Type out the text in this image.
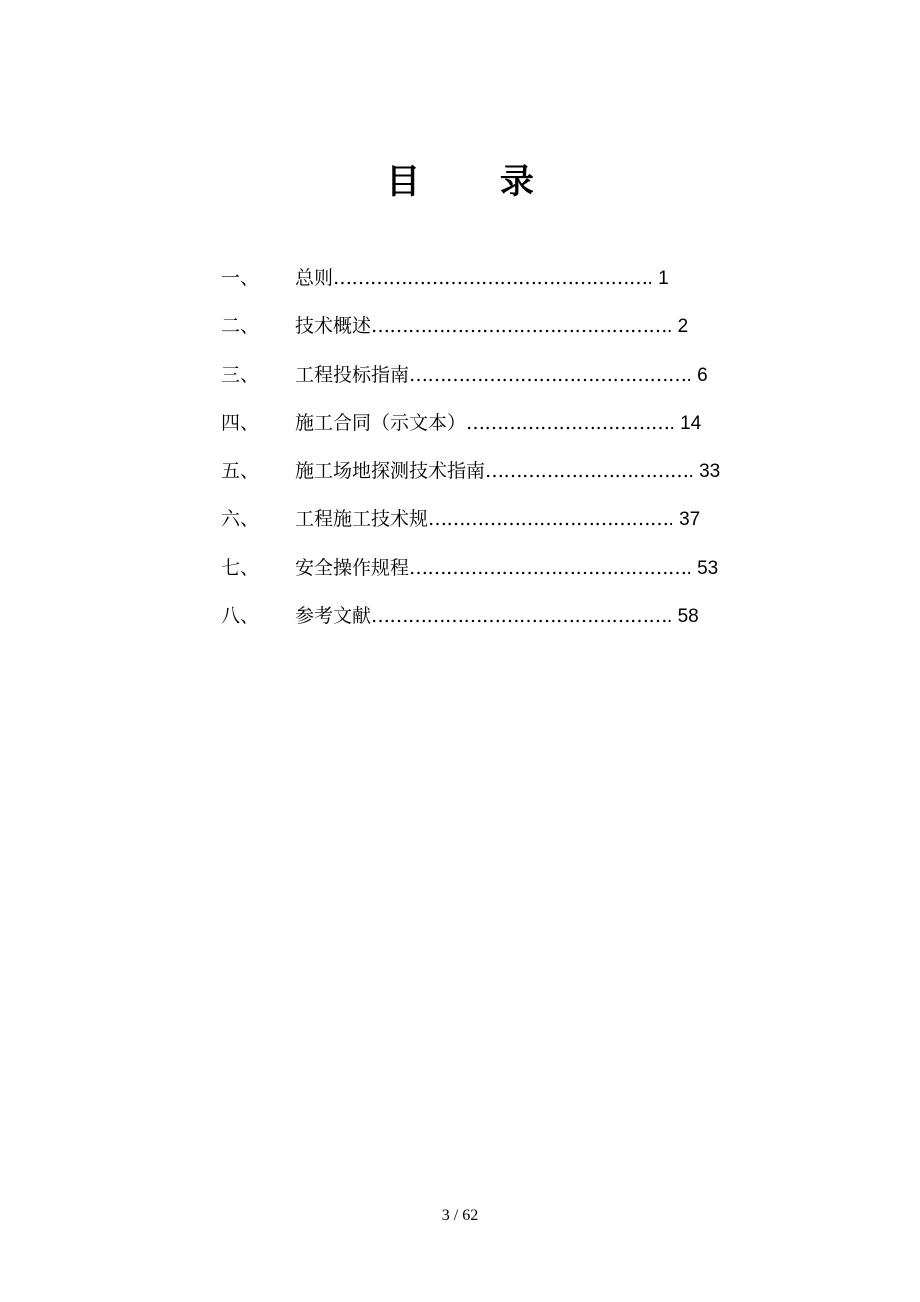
目 录
一、 总则……………………………………………. 1
二、 技术概述…………………………………………. 2
三、 工程投标指南………………………………………. 6
四、 施工合同（示文本）……………………………. 14
五、 施工场地探测技术指南……………………………. 33
六、 工程施工技术规…………………………………. 37
七、 安全操作规程………………………………………. 53
八、 参考文献…………………………………………. 58
3 / 62
